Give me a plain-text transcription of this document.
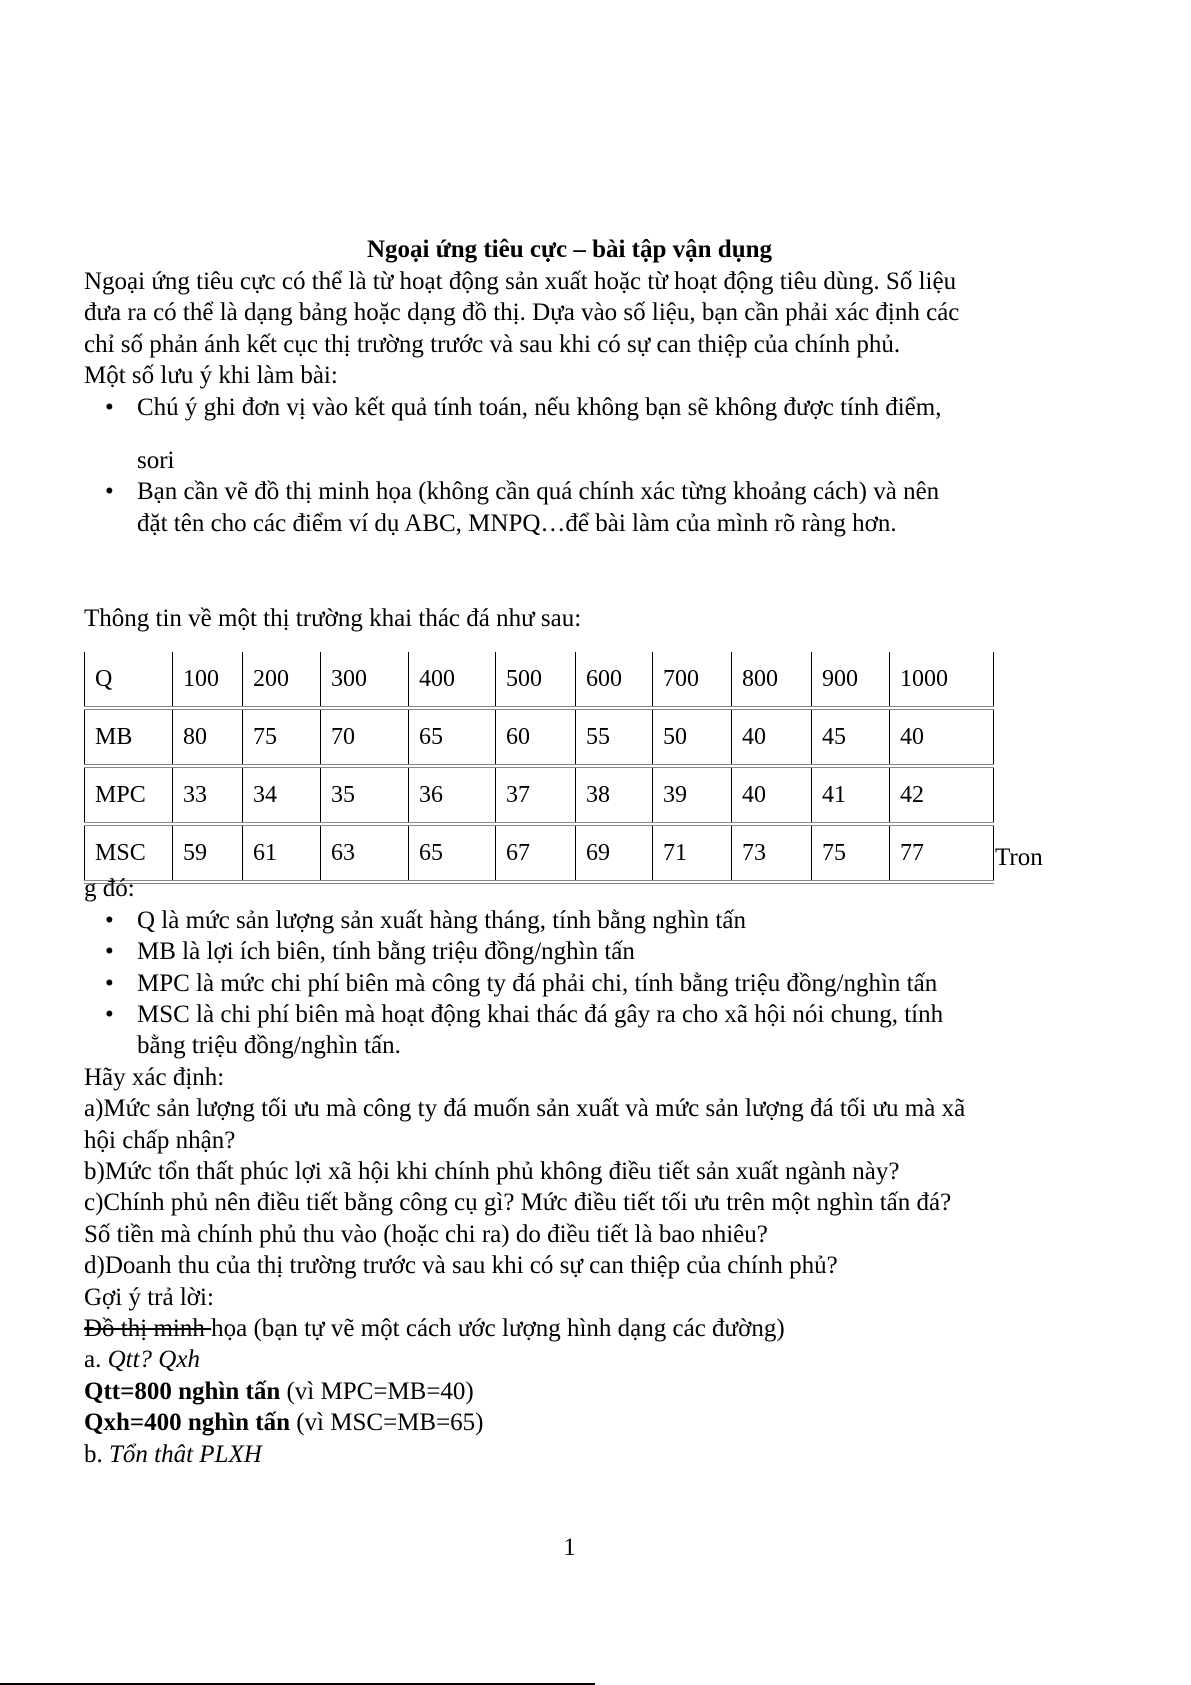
Ngoại ứng tiêu cực – bài tập vận dụng
Ngoại ứng tiêu cực có thể là từ hoạt động sản xuất hoặc từ hoạt động tiêu dùng. Số liệu
đưa ra có thể là dạng bảng hoặc dạng đồ thị. Dựa vào số liệu, bạn cần phải xác định các
chỉ số phản ánh kết cục thị trường trước và sau khi có sự can thiệp của chính phủ.
Một số lưu ý khi làm bài:
Chú ý ghi đơn vị vào kết quả tính toán, nếu không bạn sẽ không được tính điểm,
sori
Bạn cần vẽ đồ thị minh họa (không cần quá chính xác từng khoảng cách) và nên
đặt tên cho các điểm ví dụ ABC, MNPQ…để bài làm của mình rõ ràng hơn.
Thông tin về một thị trường khai thác đá như sau:
Q	100	200	300	400	500	600	700	800	900	1000
MB	80	75	70	65	60	55	50	40	45	40
MPC	33	34	35	36	37	38	39	40	41	42
MSC	59	61	63	65	67	69	71	73	75	77	Tron
g đó:
Q là mức sản lượng sản xuất hàng tháng, tính bằng nghìn tấn
MB là lợi ích biên, tính bằng triệu đồng/nghìn tấn
MPC là mức chi phí biên mà công ty đá phải chi, tính bằng triệu đồng/nghìn tấn
MSC là chi phí biên mà hoạt động khai thác đá gây ra cho xã hội nói chung, tính
bằng triệu đồng/nghìn tấn.
Hãy xác định:
a)Mức sản lượng tối ưu mà công ty đá muốn sản xuất và mức sản lượng đá tối ưu mà xã
hội chấp nhận?
b)Mức tổn thất phúc lợi xã hội khi chính phủ không điều tiết sản xuất ngành này?
c)Chính phủ nên điều tiết bằng công cụ gì? Mức điều tiết tối ưu trên một nghìn tấn đá?
Số tiền mà chính phủ thu vào (hoặc chi ra) do điều tiết là bao nhiêu?
d)Doanh thu của thị trường trước và sau khi có sự can thiệp của chính phủ?
Gợi ý trả lời:
Đồ thị minh họa (bạn tự vẽ một cách ước lượng hình dạng các đường)
a. Qtt? Qxh
Qtt=800 nghìn tấn (vì MPC=MB=40)
Qxh=400 nghìn tấn (vì MSC=MB=65)
b. Tổn thât PLXH
1
